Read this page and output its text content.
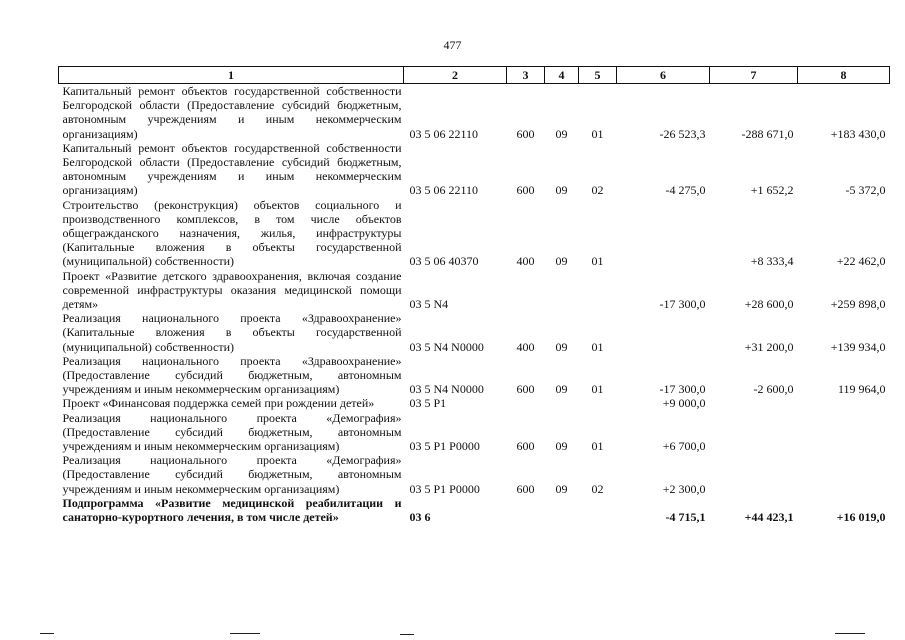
477
1	2	3	4	5	6	7	8
Капитальный ремонт объектов государственной собственности Белгородской области (Предоставление субсидий бюджетным, автономным учреждениям и иным некоммерческим организациям)	03 5 06 22110	600	09	01	-26 523,3	-288 671,0	+183 430,0
Капитальный ремонт объектов государственной собственности Белгородской области (Предоставление субсидий бюджетным, автономным учреждениям и иным некоммерческим организациям)	03 5 06 22110	600	09	02	-4 275,0	+1 652,2	-5 372,0
Строительство (реконструкция) объектов социального и производственного комплексов, в том числе объектов общегражданского назначения, жилья, инфраструктуры (Капитальные вложения в объекты государственной (муниципальной) собственности)	03 5 06 40370	400	09	01		+8 333,4	+22 462,0
Проект «Развитие детского здравоохранения, включая создание современной инфраструктуры оказания медицинской помощи детям»	03 5 N4				-17 300,0	+28 600,0	+259 898,0
Реализация национального проекта «Здравоохранение» (Капитальные вложения в объекты государственной (муниципальной) собственности)	03 5 N4 N0000	400	09	01		+31 200,0	+139 934,0
Реализация национального проекта «Здравоохранение» (Предоставление субсидий бюджетным, автономным учреждениям и иным некоммерческим организациям)	03 5 N4 N0000	600	09	01	-17 300,0	-2 600,0	119 964,0
Проект «Финансовая поддержка семей при рождении детей»	03 5 P1				+9 000,0		
Реализация национального проекта «Демография» (Предоставление субсидий бюджетным, автономным учреждениям и иным некоммерческим организациям)	03 5 P1 P0000	600	09	01	+6 700,0		
Реализация национального проекта «Демография» (Предоставление субсидий бюджетным, автономным учреждениям и иным некоммерческим организациям)	03 5 P1 P0000	600	09	02	+2 300,0		
Подпрограмма «Развитие медицинской реабилитации и санаторно-курортного лечения, в том числе детей»	03 6				-4 715,1	+44 423,1	+16 019,0
